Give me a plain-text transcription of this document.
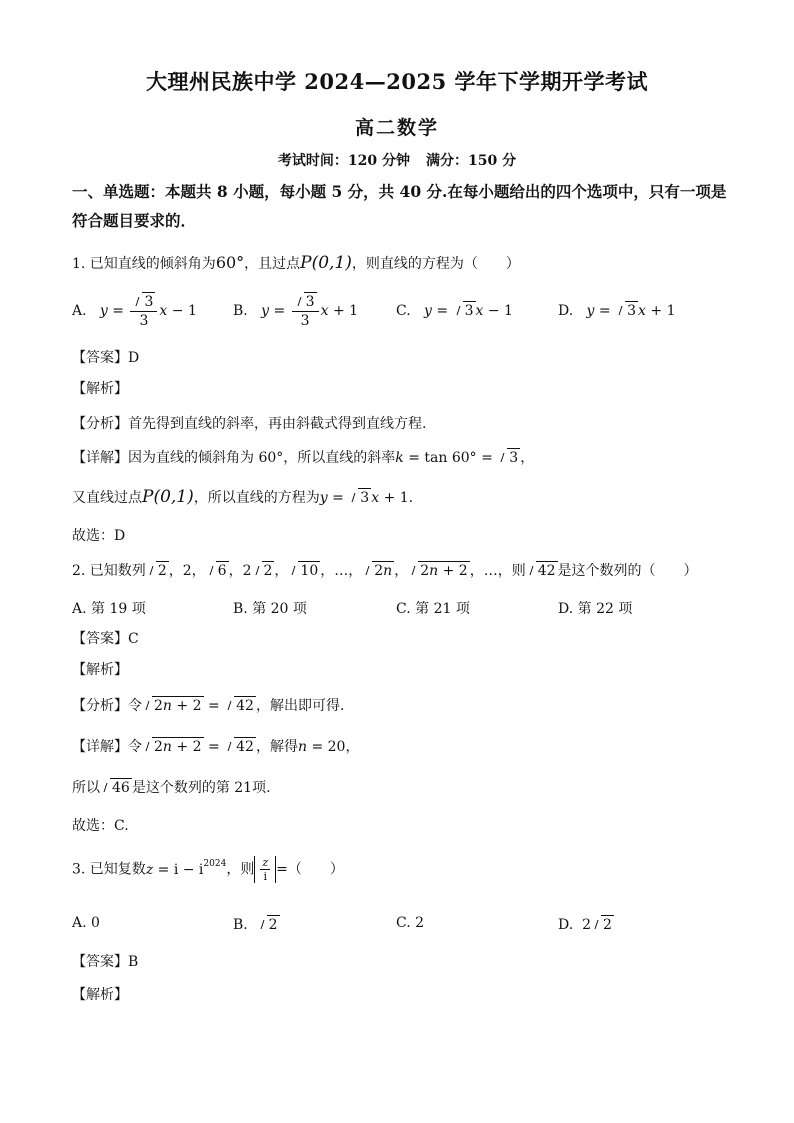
大理州民族中学 2024—2025 学年下学期开学考试
高二数学
考试时间：120 分钟 满分：150 分
一、单选题：本题共 8 小题，每小题 5 分，共 40 分.在每小题给出的四个选项中，只有一项是符合题目要求的．
1. 已知直线的倾斜角为60°，且过点P(0,1)，则直线的方程为（　　）
A.   $y = \frac{3}{3}$ x − 1	B.   $y = \frac{3}{3}$ x + 1	C.   y = 3 x − 1	D.   y = 3 x + 1
【答案】D
【解析】
【分析】首先得到直线的斜率，再由斜截式得到直线方程.
【详解】因为直线的倾斜角为 60°，所以直线的斜率k = tan 60° = 3 ，
又直线过点P(0,1)，所以直线的方程为y = 3 x + 1.
故选：D
2. 已知数列 2 ，2， 6 ，2 2 ， 10 ，…， 2n ， 2n + 2 ，…，则 42 是这个数列的（　　）
A. 第 19 项	B. 第 20 项	C. 第 21 项	D. 第 22 项
【答案】C
【解析】
【分析】令 2n + 2 = 42 ，解出即可得.
【详解】令 2n + 2 = 42 ，解得n = 20，
所以 46 是这个数列的第 21项.
故选：C.
3. 已知复数$z = i - i^{2024}$，则 $\frac{z}{i}$ =（　　）
A. 0	B. 2	C. 2	D. 2 2
【答案】B
【解析】
